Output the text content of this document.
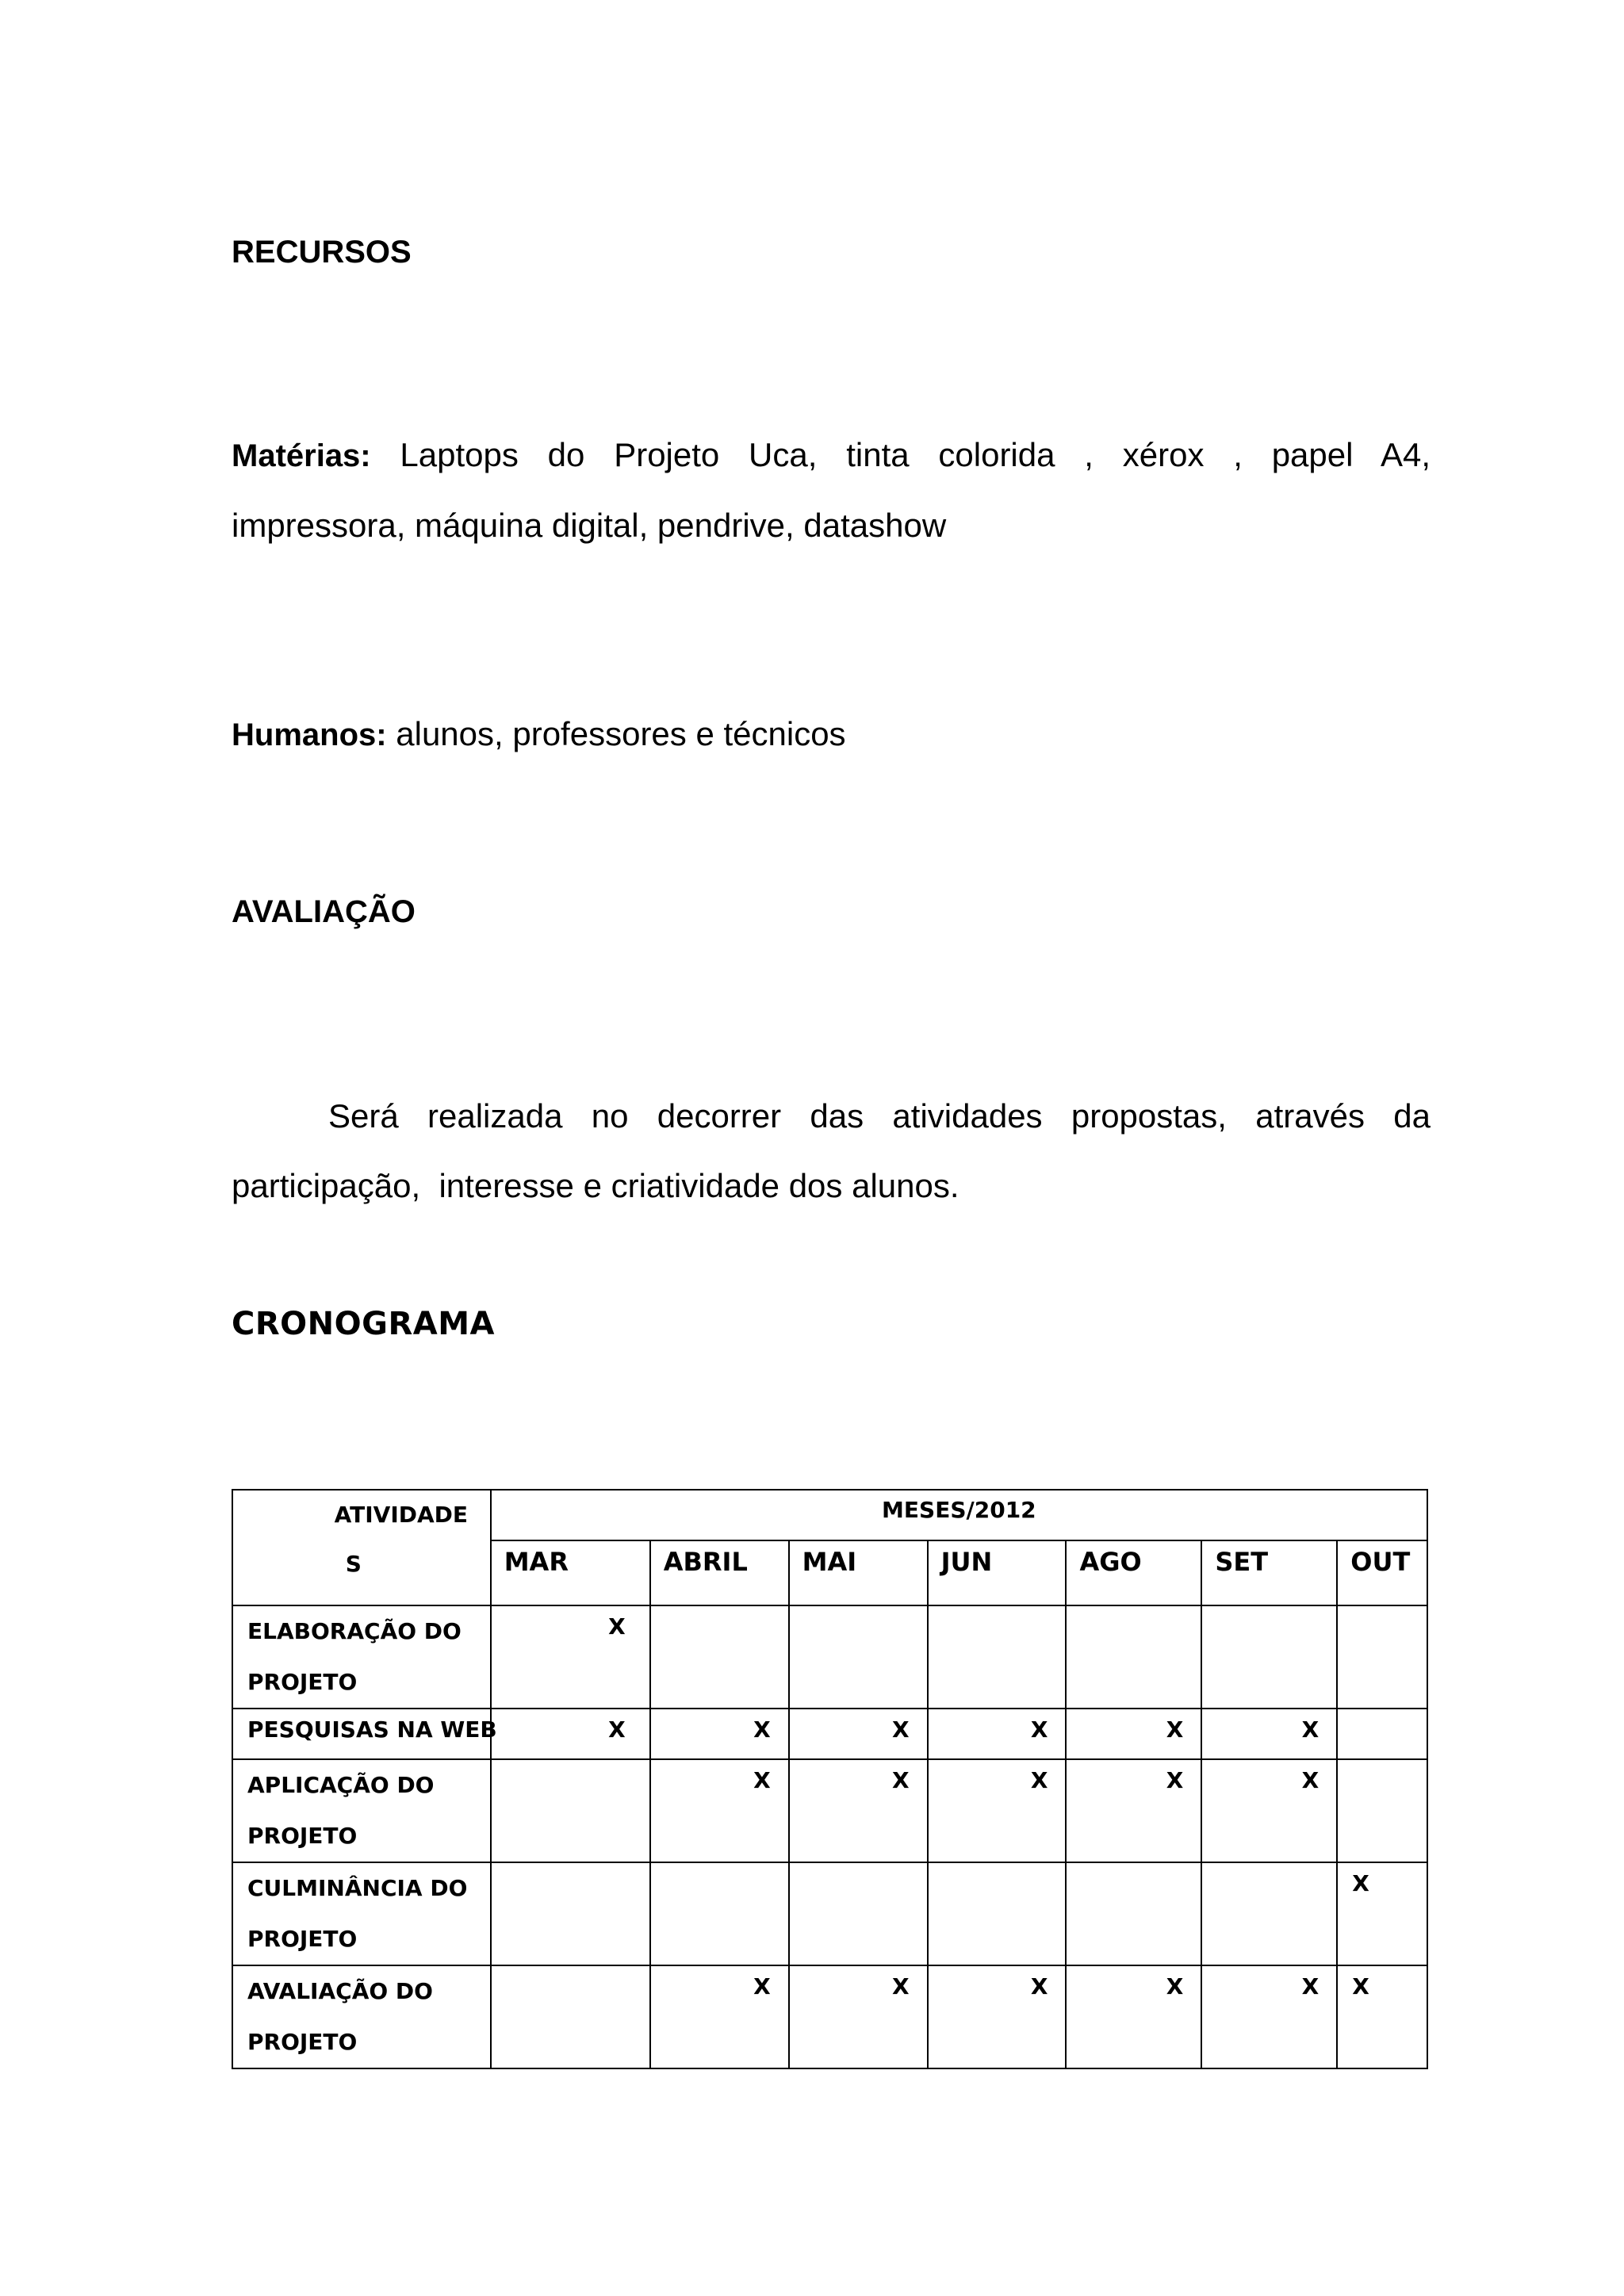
RECURSOS

Matérias: Laptops do Projeto Uca, tinta colorida , xérox , papel A4,
impressora, máquina digital, pendrive, datashow

Humanos: alunos, professores e técnicos

AVALIAÇÃO

Será realizada no decorrer das atividades propostas, através da
participação,  interesse e criatividade dos alunos.

CRONOGRAMA
ATIVIDADE
S	MESES/2012						
	MAR	ABRIL	MAI	JUN	AGO	SET	OUT

ELABORAÇÃO DO
PROJETO	X						

PESQUISAS NA WEB	X	X	X	X	X	X	

APLICAÇÃO DO
PROJETO		X	X	X	X	X	

CULMINÂNCIA DO
PROJETO							X

AVALIAÇÃO DO
PROJETO		X	X	X	X	X	X
